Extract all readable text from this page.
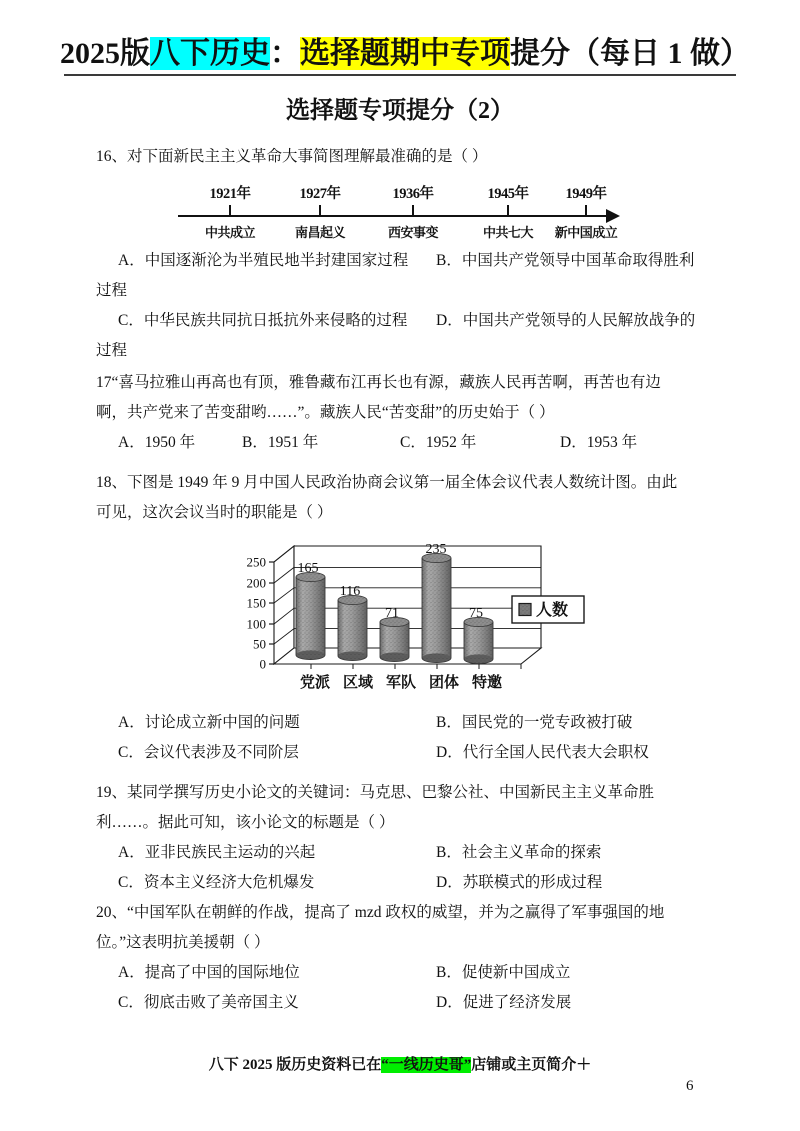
2025版八下历史：选择题期中专项提分（每日 1 做）
选择题专项提分（2）
16、对下面新民主主义革命大事简图理解最准确的是（ ）
1921年
中共成立
1927年
南昌起义
1936年
西安事变
1945年
中共七大
1949年
新中国成立
A．中国逐渐沦为半殖民地半封建国家过程	B．中国共产党领导中国革命取得胜利
过程
C．中华民族共同抗日抵抗外来侵略的过程	D．中国共产党领导的人民解放战争的
过程
17“喜马拉雅山再高也有顶，雅鲁藏布江再长也有源，藏族人民再苦啊，再苦也有边
啊，共产党来了苦变甜哟……”。藏族人民“苦变甜”的历史始于（ ）
A．1950 年	B．1951 年	C．1952 年	D．1953 年
18、下图是 1949 年 9 月中国人民政治协商会议第一届全体会议代表人数统计图。由此
可见，这次会议当时的职能是（ ）
0
50
100
150
200
250 165
116
71
235
75
党派 区域 军队 团体 特邀
人数
A．讨论成立新中国的问题	B．国民党的一党专政被打破
C．会议代表涉及不同阶层	D．代行全国人民代表大会职权
19、某同学撰写历史小论文的关键词：马克思、巴黎公社、中国新民主主义革命胜
利……。据此可知，该小论文的标题是（ ）
A．亚非民族民主运动的兴起	B．社会主义革命的探索
C．资本主义经济大危机爆发	D．苏联模式的形成过程
20、“中国军队在朝鲜的作战，提高了 mzd 政权的威望，并为之赢得了军事强国的地
位。”这表明抗美援朝（ ）
A．提高了中国的国际地位	B．促使新中国成立
C．彻底击败了美帝国主义	D．促进了经济发展
八下 2025 版历史资料已在“一线历史哥”店铺或主页简介＋
6
